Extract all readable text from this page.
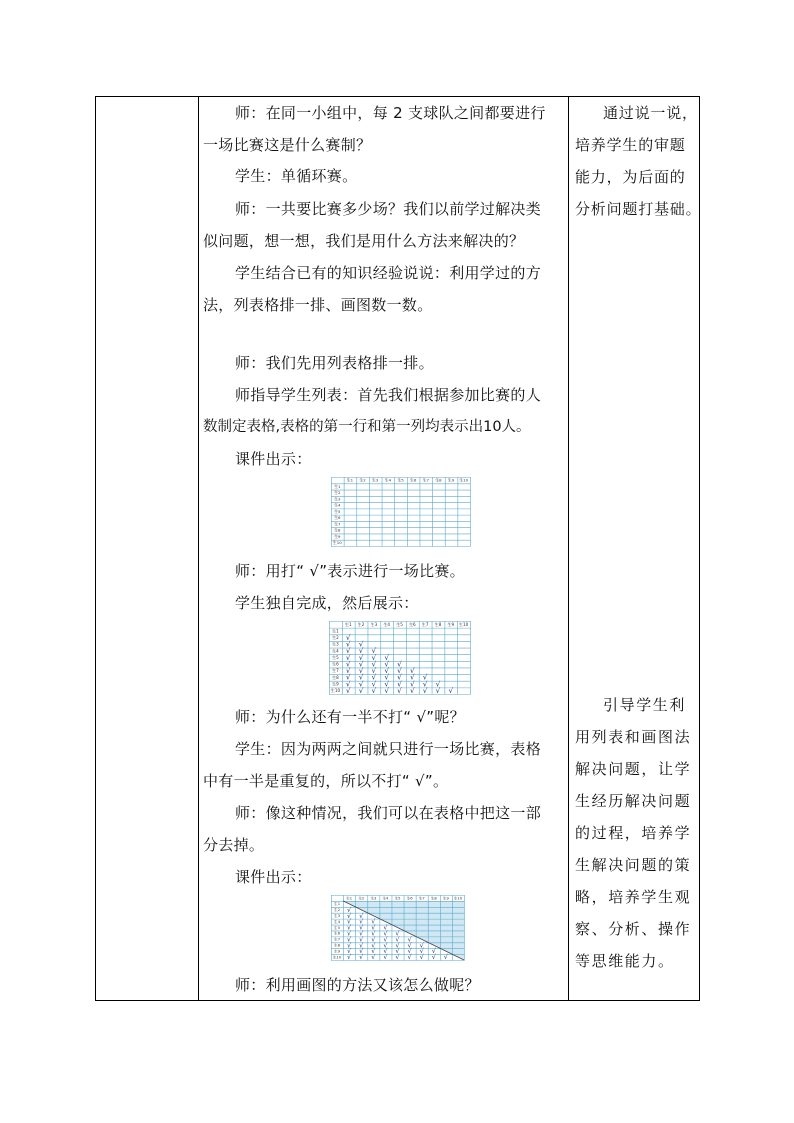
师：在同一小组中，每 2 支球队之间都要进行
一场比赛这是什么赛制？
学生：单循环赛。
师：一共要比赛多少场？我们以前学过解决类
似问题，想一想，我们是用什么方法来解决的？
学生结合已有的知识经验说说：利用学过的方
法，列表格排一排、画图数一数。
师：我们先用列表格排一排。
师指导学生列表：首先我们根据参加比赛的人
数制定表格,表格的第一行和第一列均表示出10人。
课件出示：
生1
生1
生2
生2
生3
生3
生4
生4
生5
生5
生6
生6
生7
生7
生8
生8
生9
生9
生10
生10
师：用打“ √”表示进行一场比赛。
学生独自完成，然后展示：
生1
生1
生2
生2
生3
生3
生4
生4
生5
生5
生6
生6
生7
生7
生8
生8
生9
生9
生10
生10
√
√ √
√ √ √
√ √ √ √
√ √ √ √ √
√ √ √ √ √ √
√ √ √ √ √ √ √
√ √ √ √ √ √ √ √
√ √ √ √ √ √ √ √ √
师：为什么还有一半不打“ √”呢？
学生：因为两两之间就只进行一场比赛，表格
中有一半是重复的，所以不打“ √”。
师：像这种情况，我们可以在表格中把这一部
分去掉。
课件出示：
生1
生1
生2
生2
生3
生3
生4
生4
生5
生5
生6
生6
生7
生7
生8
生8
生9
生9
生10
生10
√
√ √
√ √ √
√ √ √ √
√ √ √ √ √
√ √ √ √ √ √
√ √ √ √ √ √ √
√ √ √ √ √ √ √ √
√ √ √ √ √ √ √ √ √
师：利用画图的方法又该怎么做呢？
通过说一说，
培养学生的审题
能力，为后面的
分析问题打基础。
引导学生利
用列表和画图法
解决问题，让学
生经历解决问题
的过程，培养学
生解决问题的策
略，培养学生观
察、分析、操作
等思维能力。
